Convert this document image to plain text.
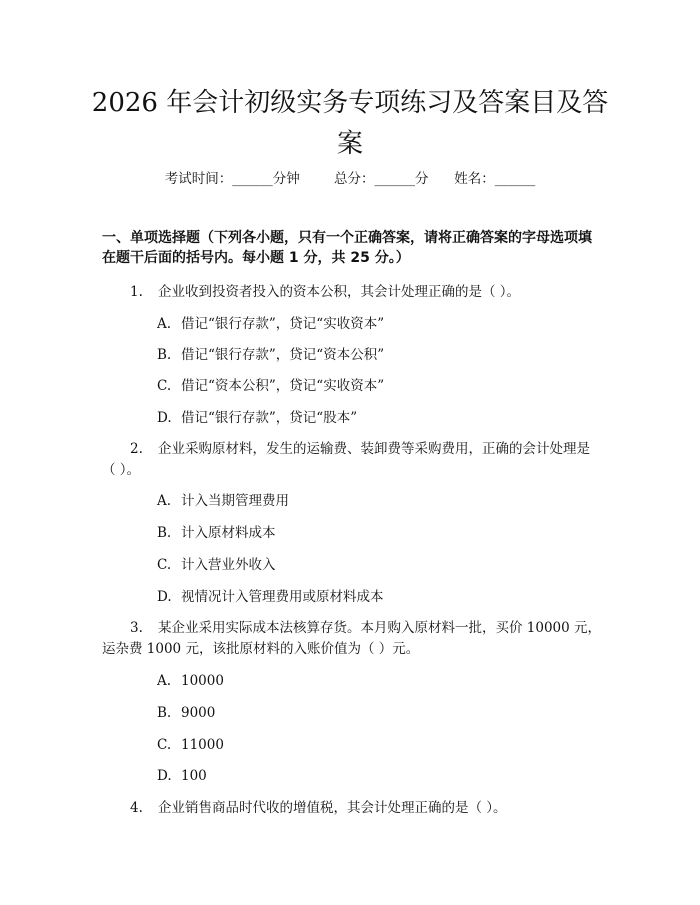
2026 年会计初级实务专项练习及答案目及答案
考试时间：______分钟	总分：______分 姓名：______
一、单项选择题（下列各小题，只有一个正确答案，请将正确答案的字母选项填在题干后面的括号内。每小题 1 分，共 25 分。）
1. 企业收到投资者投入的资本公积，其会计处理正确的是（ ）。
A. 借记“银行存款”，贷记“实收资本”
B. 借记“银行存款”，贷记“资本公积”
C. 借记“资本公积”，贷记“实收资本”
D. 借记“银行存款”，贷记“股本”
2. 企业采购原材料，发生的运输费、装卸费等采购费用，正确的会计处理是（ ）。
A. 计入当期管理费用
B. 计入原材料成本
C. 计入营业外收入
D. 视情况计入管理费用或原材料成本
3. 某企业采用实际成本法核算存货。本月购入原材料一批，买价 10000 元，运杂费 1000 元，该批原材料的入账价值为（ ）元。
A. 10000
B. 9000
C. 11000
D. 100
4. 企业销售商品时代收的增值税，其会计处理正确的是（ ）。
